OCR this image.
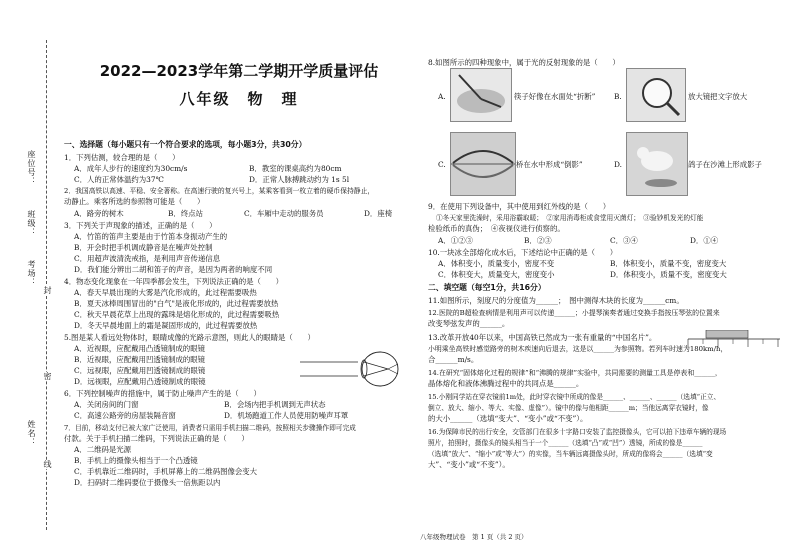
座位号：
班级：
考场：
姓名：
封
密
线
2022—2023学年第二学期开学质量评估
八年级　物　理
一、选择题（每小题只有一个符合要求的选项，每小题3分，共30分）
1．下列估测，较合理的是（　　）
A．成年人步行的速度约为30cm/s	B．教室的课桌高约为80cm
C．人的正常体温约为37℃	D．正常人脉搏跳动约为 1s 5l
2．我国高铁以高速、平稳、安全著称。在高速行驶的复兴号上，某乘客看到一枚立着的硬币保持静止，
动静止。乘客所选的参照物可能是（　　）
A．路旁的树木	B．终点站	C．车厢中走动的服务员	D．座椅
3．下列关于声现象的描述，正确的是（　　）
A．竹笛的笛声主要是由于竹笛本身振动产生的
B．开会时把手机调成静音是在噪声处控制
C．用超声波清洗戒指，是利用声音传递信息
D．我们能分辨出二胡和笛子的声音，是因为两者的响度不同
4．物态变化现象在一年四季都会发生，下列说法正确的是（　　）
A．春天早晨出现的大雾是汽化形成的，此过程需要吸热
B．夏天冰棒周围冒出的"白气"是液化形成的，此过程需要放热
C．秋天早晨花草上出现的露珠是熔化形成的，此过程需要吸热
D．冬天早晨地面上的霜是凝固形成的，此过程需要放热
5.图是某人看远处物体时，眼睛成像的光路示意图，则此人的眼睛是（　　）
A．近视眼，应配戴用凸透镜制成的眼镜
B．近视眼，应配戴用凹透镜制成的眼镜
C．远视眼，应配戴用凹透镜制成的眼镜
D．远视眼，应配戴用凸透镜制成的眼镜
6．下列控制噪声的措施中，属于防止噪声产生的是（　　）
A．关闭房间的门窗	B．会场内把手机调到无声状态
C．高速公路旁的房屋装隔音窗	D．机场跑道工作人员使用防噪声耳罩
7．目前，移动支付已被大家广泛使用，消费者只需用手机扫描二维码，按照相关步骤操作即可完成
付款。关于手机扫描二维码，下列说法正确的是（　　）
A．二维码是光源
B．手机上的摄像头相当于一个凸透镜
C．手机靠近二维码时，手机屏幕上的二维码图像会变大
D．扫码时二维码要位于摄像头一倍焦距以内
8.如图所示的四种现象中，属于光的反射现象的是（　　）
A.	筷子好像在水面处“折断”	B.	放大镜把文字放大
C.	桥在水中形成“倒影”	D.	鸽子在沙滩上形成影子
9．在使用下列设备中，其中使用到红外线的是（　　）
①冬天家里洗澡时，采用浴霸取暖；　②家用消毒柜或食堂用灭菌灯；　③验钞机发光的灯能
检验纸币的真伪；　④夜视仪进行侦察的。
A．①②③	B．②③	C．③④	D．①④
10.一块冰全部熔化成水后，下述结论中正确的是（　　）
A．体积变小，质量变小，密度不变	B．体积变小，质量不变，密度变大
C．体积变大，质量变大，密度变小	D．体积变小，质量不变，密度变大
二、填空题（每空1分，共16分）
11.如图所示，刻度尺的分度值为______；　图中测得木块的长度为______cm。
12.医院的B超检查病情是利用声可以传递______；小提琴演奏者通过变换手指按压琴弦的位置来
改变琴弦发声的______。
13.改革开放40年以来，中国高铁已然成为一张有重量的“中国名片”。
小明乘坐高铁时感觉路旁的树木疾速向后退去，这是以______为参照物。若列车时速为180km/h，
合______m/s。
14.在研究“固体熔化过程的规律”和“沸腾的规律”实验中，共同需要的测量工具是停表和______，
晶体熔化和液体沸腾过程中的共同点是______。
15.小刚同学站在穿衣镜前1m处，此时穿衣镜中所成的像是______、______、______（选填“正立、
倒立、放大、缩小、等大、实像、虚像”）。镜中的像与他相距______m；当他远离穿衣镜时，像
的大小______（选填“变大”、“变小”或“不变”）。
16.为保障市民的出行安全，交管部门在很多十字路口安装了监控摄像头，它可以拍下违章车辆的现场
照片，拍照时，摄像头的镜头相当于一个______（选填“凸”或“凹”）透镜，所成的像是______
（选填“放大”、“缩小”或“等大”）的实像，当车辆远离摄像头时，所成的像将会______（选填“变
大”、“变小”或“不变”）。
八年级物理试卷　第 1 页（共 2 页）
